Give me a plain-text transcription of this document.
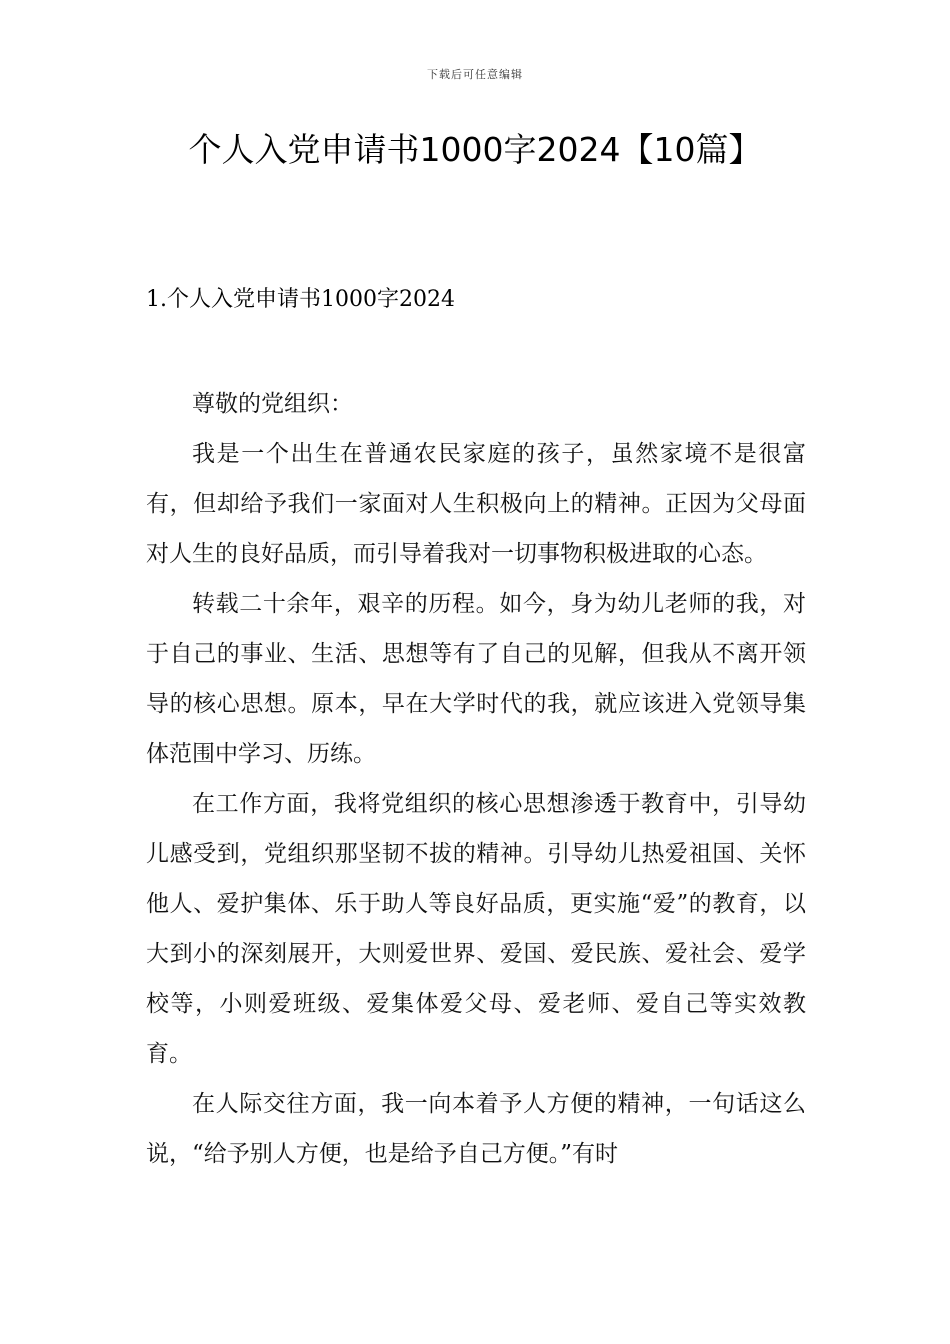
下载后可任意编辑
个人入党申请书1000字2024【10篇】
1.个人入党申请书1000字2024

尊敬的党组织：

我是一个出生在普通农民家庭的孩子，虽然家境不是很富有，但却给予我们一家面对人生积极向上的精神。正因为父母面对人生的良好品质，而引导着我对一切事物积极进取的心态。

转载二十余年，艰辛的历程。如今，身为幼儿老师的我，对于自己的事业、生活、思想等有了自己的见解，但我从不离开领导的核心思想。原本，早在大学时代的我，就应该进入党领导集体范围中学习、历练。

在工作方面，我将党组织的核心思想渗透于教育中，引导幼儿感受到，党组织那坚韧不拔的精神。引导幼儿热爱祖国、关怀他人、爱护集体、乐于助人等良好品质，更实施“爱”的教育，以大到小的深刻展开，大则爱世界、爱国、爱民族、爱社会、爱学校等，小则爱班级、爱集体爱父母、爱老师、爱自己等实效教育。

在人际交往方面，我一向本着予人方便的精神，一句话这么说，“给予别人方便，也是给予自己方便。”有时
